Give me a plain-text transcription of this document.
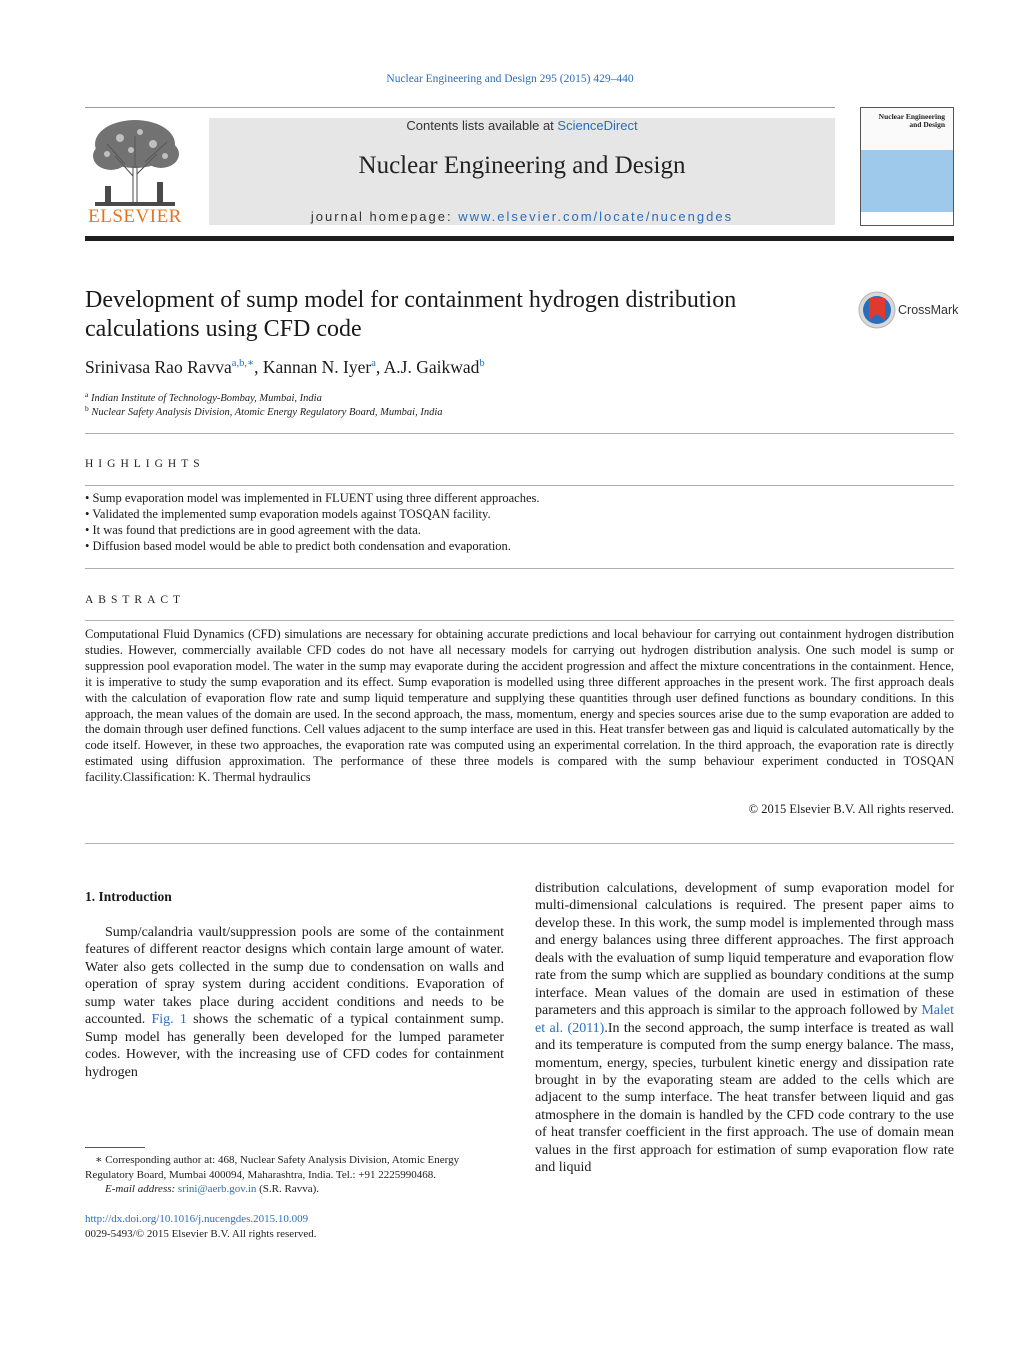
Nuclear Engineering and Design 295 (2015) 429–440
ELSEVIER
Contents lists available at ScienceDirect
Nuclear Engineering and Design
journal homepage: www.elsevier.com/locate/nucengdes
Nuclear Engineering and Design
Development of sump model for containment hydrogen distribution calculations using CFD code
CrossMark
Srinivasa Rao Ravva$^{a,b,∗}$, Kannan N. Iyer$^a$, A.J. Gaikwad$^b$
$^a$ Indian Institute of Technology-Bombay, Mumbai, India
$^b$ Nuclear Safety Analysis Division, Atomic Energy Regulatory Board, Mumbai, India
HIGHLIGHTS
• Sump evaporation model was implemented in FLUENT using three different approaches.
• Validated the implemented sump evaporation models against TOSQAN facility.
• It was found that predictions are in good agreement with the data.
• Diffusion based model would be able to predict both condensation and evaporation.
ABSTRACT
Computational Fluid Dynamics (CFD) simulations are necessary for obtaining accurate predictions and local behaviour for carrying out containment hydrogen distribution studies. However, commercially available CFD codes do not have all necessary models for carrying out hydrogen distribution analysis. One such model is sump or suppression pool evaporation model. The water in the sump may evaporate during the accident progression and affect the mixture concentrations in the containment. Hence, it is imperative to study the sump evaporation and its effect. Sump evaporation is modelled using three different approaches in the present work. The first approach deals with the calculation of evaporation flow rate and sump liquid temperature and supplying these quantities through user defined functions as boundary conditions. In this approach, the mean values of the domain are used. In the second approach, the mass, momentum, energy and species sources arise due to the sump evaporation are added to the domain through user defined functions. Cell values adjacent to the sump interface are used in this. Heat transfer between gas and liquid is calculated automatically by the code itself. However, in these two approaches, the evaporation rate was computed using an experimental correlation. In the third approach, the evaporation rate is directly estimated using diffusion approximation. The performance of these three models is compared with the sump behaviour experiment conducted in TOSQAN facility.Classification: K. Thermal hydraulics
© 2015 Elsevier B.V. All rights reserved.
1. Introduction
Sump/calandria vault/suppression pools are some of the containment features of different reactor designs which contain large amount of water. Water also gets collected in the sump due to condensation on walls and operation of spray system during accident conditions. Evaporation of sump water takes place during accident conditions and needs to be accounted. Fig. 1 shows the schematic of a typical containment sump. Sump model has generally been developed for the lumped parameter codes. However, with the increasing use of CFD codes for containment hydrogen
distribution calculations, development of sump evaporation model for multi-dimensional calculations is required. The present paper aims to develop these. In this work, the sump model is implemented through mass and energy balances using three different approaches. The first approach deals with the evaluation of sump liquid temperature and evaporation flow rate from the sump which are supplied as boundary conditions at the sump interface. Mean values of the domain are used in estimation of these parameters and this approach is similar to the approach followed by Malet et al. (2011).In the second approach, the sump interface is treated as wall and its temperature is computed from the sump energy balance. The mass, momentum, energy, species, turbulent kinetic energy and dissipation rate brought in by the evaporating steam are added to the cells which are adjacent to the sump interface. The heat transfer between liquid and gas atmosphere in the domain is handled by the CFD code contrary to the use of heat transfer coefficient in the first approach. The use of domain mean values in the first approach for estimation of sump evaporation flow rate and liquid
∗ Corresponding author at: 468, Nuclear Safety Analysis Division, Atomic Energy Regulatory Board, Mumbai 400094, Maharashtra, India. Tel.: +91 2225990468.
E-mail address: srini@aerb.gov.in (S.R. Ravva).
http://dx.doi.org/10.1016/j.nucengdes.2015.10.009
0029-5493/© 2015 Elsevier B.V. All rights reserved.
